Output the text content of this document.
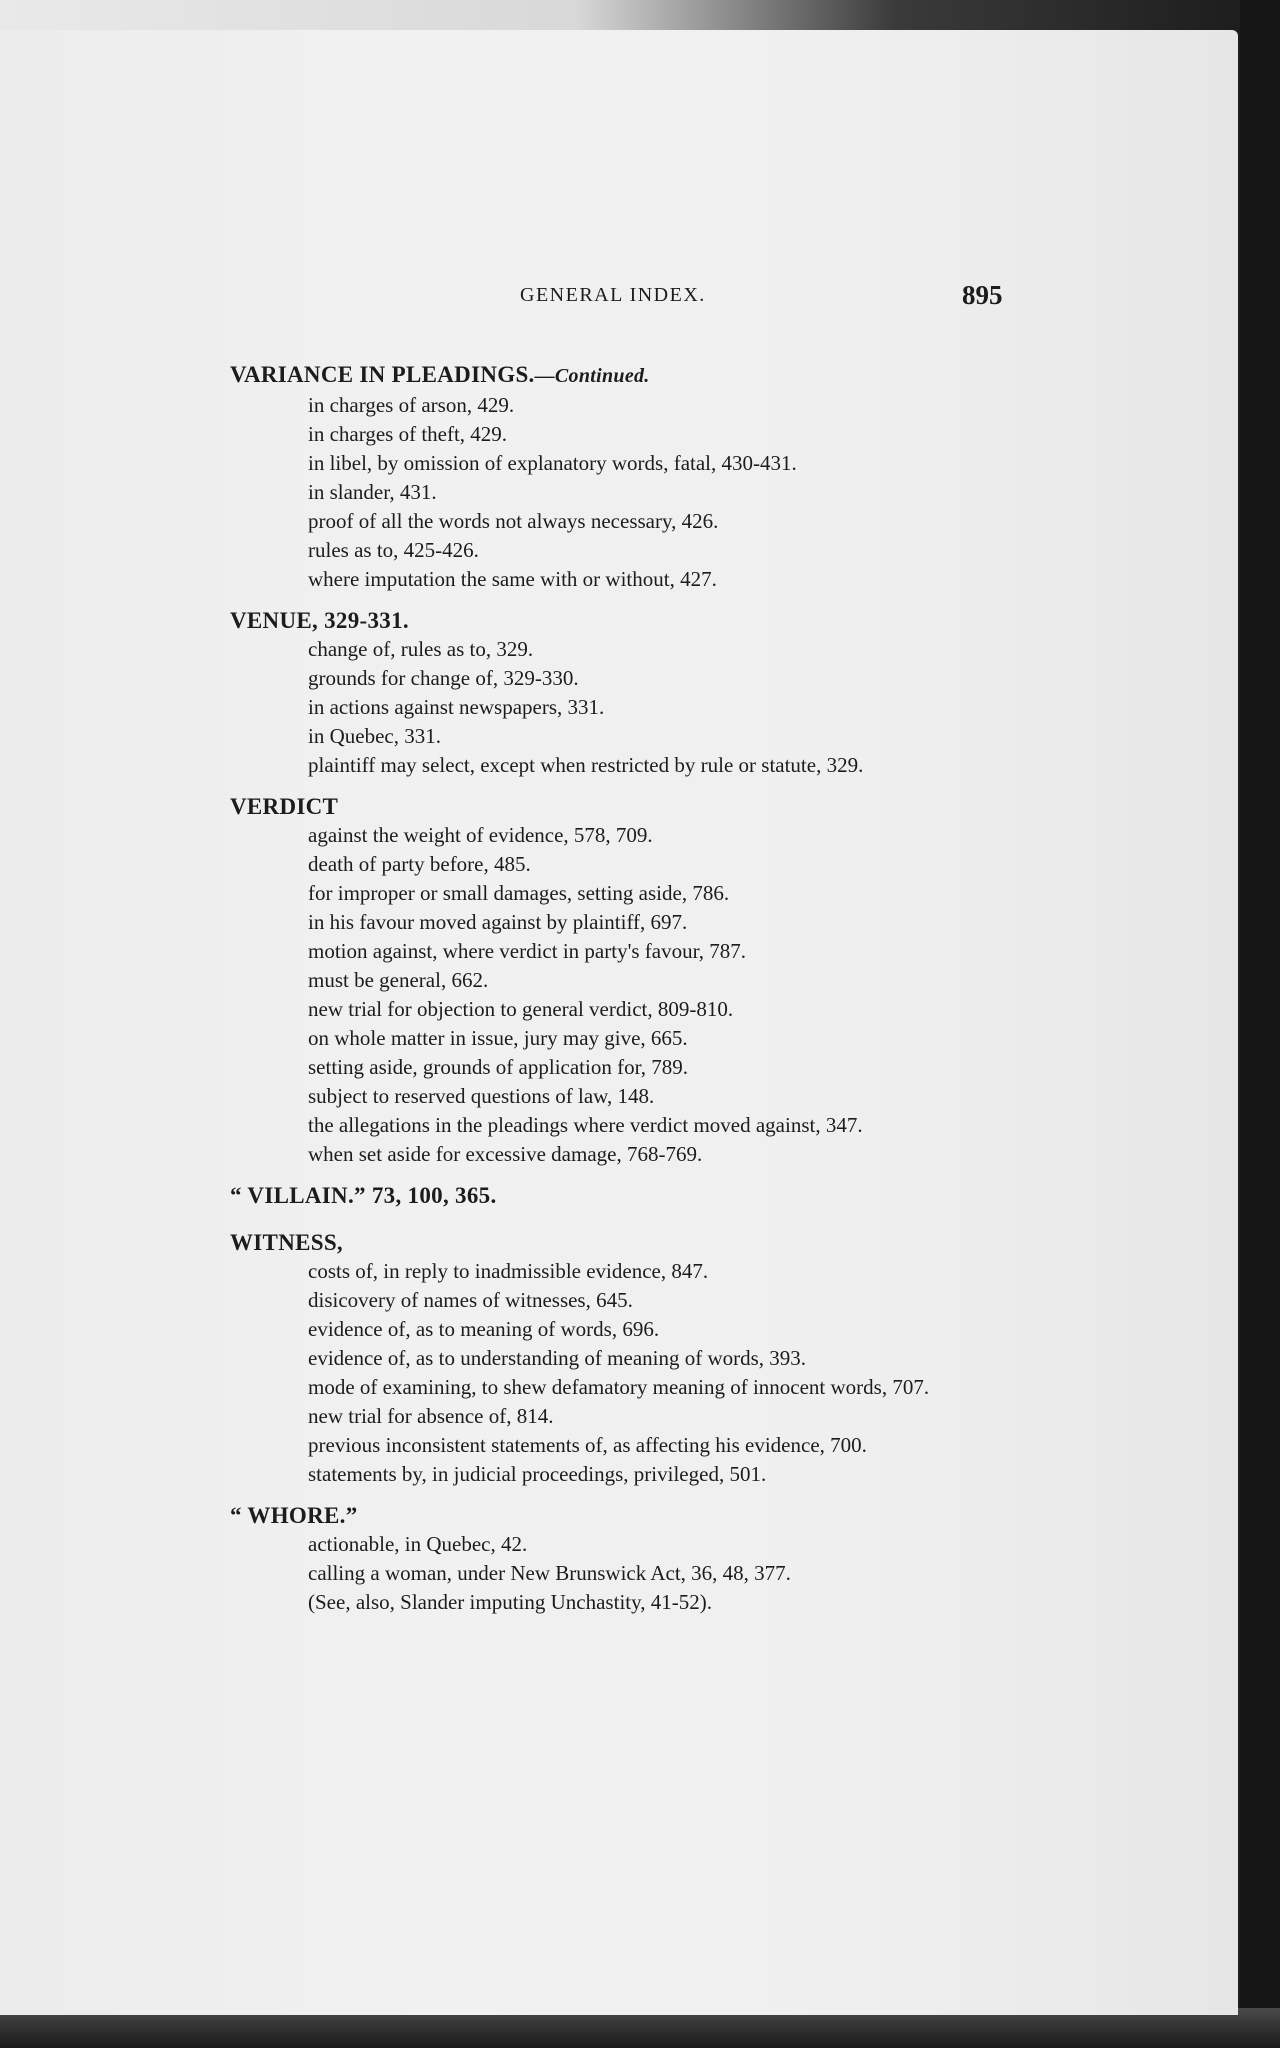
GENERAL INDEX.	895
VARIANCE IN PLEADINGS.—Continued.
in charges of arson, 429.
in charges of theft, 429.
in libel, by omission of explanatory words, fatal, 430-431.
in slander, 431.
proof of all the words not always necessary, 426.
rules as to, 425-426.
where imputation the same with or without, 427.
VENUE, 329-331.
change of, rules as to, 329.
grounds for change of, 329-330.
in actions against newspapers, 331.
in Quebec, 331.
plaintiff may select, except when restricted by rule or statute, 329.
VERDICT
against the weight of evidence, 578, 709.
death of party before, 485.
for improper or small damages, setting aside, 786.
in his favour moved against by plaintiff, 697.
motion against, where verdict in party's favour, 787.
must be general, 662.
new trial for objection to general verdict, 809-810.
on whole matter in issue, jury may give, 665.
setting aside, grounds of application for, 789.
subject to reserved questions of law, 148.
the allegations in the pleadings where verdict moved against, 347.
when set aside for excessive damage, 768-769.
“ VILLAIN.” 73, 100, 365.
WITNESS,
costs of, in reply to inadmissible evidence, 847.
disicovery of names of witnesses, 645.
evidence of, as to meaning of words, 696.
evidence of, as to understanding of meaning of words, 393.
mode of examining, to shew defamatory meaning of innocent words, 707.
new trial for absence of, 814.
previous inconsistent statements of, as affecting his evidence, 700.
statements by, in judicial proceedings, privileged, 501.
“ WHORE.”
actionable, in Quebec, 42.
calling a woman, under New Brunswick Act, 36, 48, 377.
(See, also, Slander imputing Unchastity, 41-52).
